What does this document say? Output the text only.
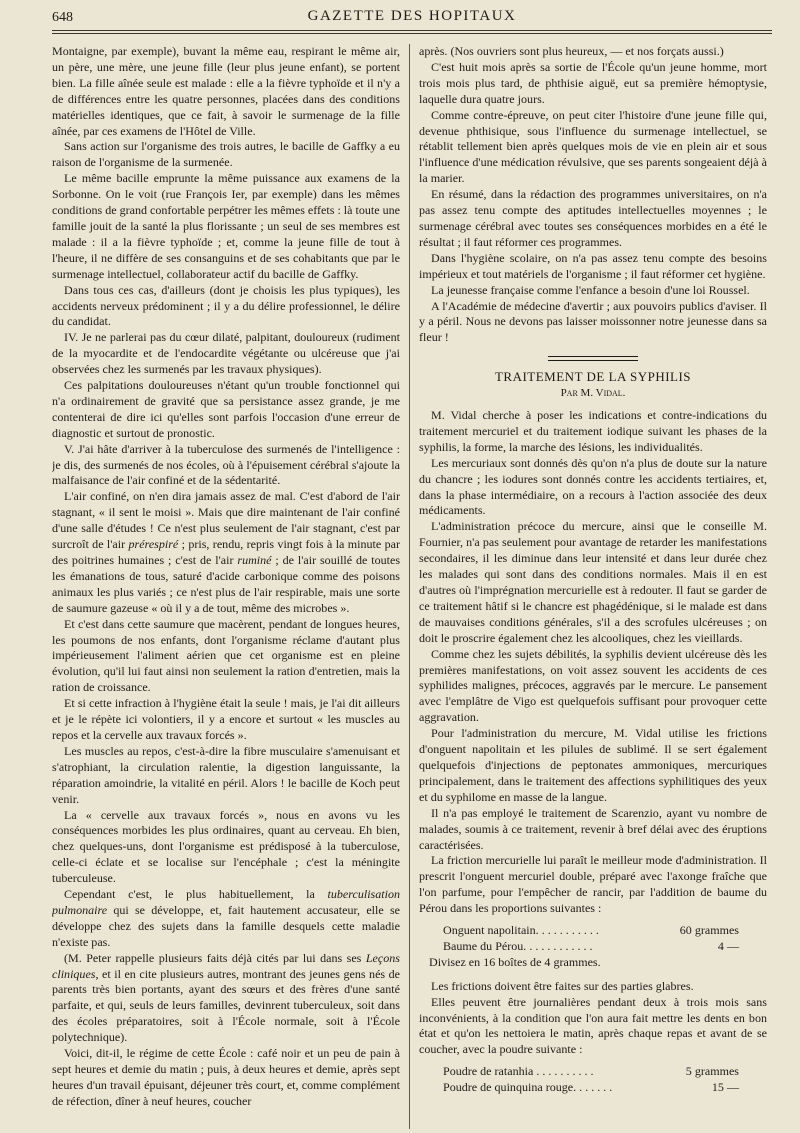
648	GAZETTE DES HOPITAUX

Montaigne, par exemple), buvant la même eau, respirant le même air, un père, une mère, une jeune fille (leur plus jeune enfant), se portent bien. La fille aînée seule est malade : elle a la fièvre typhoïde et il n'y a de différences entre les quatre personnes, placées dans des conditions matérielles identiques, que ce fait, à savoir le surmenage de la fille aînée, par ces examens de l'Hôtel de Ville.

Sans action sur l'organisme des trois autres, le bacille de Gaffky a eu raison de l'organisme de la surmenée.

Le même bacille emprunte la même puissance aux examens de la Sorbonne. On le voit (rue François Ier, par exemple) dans les mêmes conditions de grand confortable perpétrer les mêmes effets : là toute une famille jouit de la santé la plus florissante ; un seul de ses membres est malade : il a la fièvre typhoïde ; et, comme la jeune fille de tout à l'heure, il ne diffère de ses consanguins et de ses cohabitants que par le surmenage intellectuel, collaborateur actif du bacille de Gaffky.

Dans tous ces cas, d'ailleurs (dont je choisis les plus typiques), les accidents nerveux prédominent ; il y a du délire professionnel, le délire du candidat.

IV. Je ne parlerai pas du cœur dilaté, palpitant, douloureux (rudiment de la myocardite et de l'endocardite végétante ou ulcéreuse que j'ai observées chez les surmenés par les travaux physiques).

Ces palpitations douloureuses n'étant qu'un trouble fonctionnel qui n'a ordinairement de gravité que sa persistance assez grande, je me contenterai de dire ici qu'elles sont parfois l'occasion d'une erreur de diagnostic et surtout de pronostic.

V. J'ai hâte d'arriver à la tuberculose des surmenés de l'intelligence : je dis, des surmenés de nos écoles, où à l'épuisement cérébral s'ajoute la malfaisance de l'air confiné et de la sédentarité.

L'air confiné, on n'en dira jamais assez de mal. C'est d'abord de l'air stagnant, « il sent le moisi ». Mais que dire maintenant de l'air confiné d'une salle d'études ! Ce n'est plus seulement de l'air stagnant, c'est par surcroît de l'air prérespiré ; pris, rendu, repris vingt fois à la minute par des poitrines humaines ; c'est de l'air ruminé ; de l'air souillé de toutes les émanations de tous, saturé d'acide carbonique comme des poisons animaux les plus variés ; ce n'est plus de l'air respirable, mais une sorte de saumure gazeuse « où il y a de tout, même des microbes ».

Et c'est dans cette saumure que macèrent, pendant de longues heures, les poumons de nos enfants, dont l'organisme réclame d'autant plus impérieusement l'aliment aérien que cet organisme est en pleine évolution, qu'il lui faut ainsi non seulement la ration d'entretien, mais la ration de croissance.

Et si cette infraction à l'hygiène était la seule ! mais, je l'ai dit ailleurs et je le répète ici volontiers, il y a encore et surtout « les muscles au repos et la cervelle aux travaux forcés ».

Les muscles au repos, c'est-à-dire la fibre musculaire s'amenuisant et s'atrophiant, la circulation ralentie, la digestion languissante, la réparation amoindrie, la vitalité en péril. Alors ! le bacille de Koch peut venir.

La « cervelle aux travaux forcés », nous en avons vu les conséquences morbides les plus ordinaires, quant au cerveau. Eh bien, chez quelques-uns, dont l'organisme est prédisposé à la tuberculose, celle-ci éclate et se localise sur l'encéphale ; c'est la méningite tuberculeuse.

Cependant c'est, le plus habituellement, la tuberculisation pulmonaire qui se développe, et, fait hautement accusateur, elle se développe chez des sujets dans la famille desquels cette maladie n'existe pas.

(M. Peter rappelle plusieurs faits déjà cités par lui dans ses Leçons cliniques, et il en cite plusieurs autres, montrant des jeunes gens nés de parents très bien portants, ayant des sœurs et des frères d'une santé parfaite, et qui, seuls de leurs familles, devinrent tuberculeux, soit dans des écoles préparatoires, soit à l'École normale, soit à l'École polytechnique).

Voici, dit-il, le régime de cette École : café noir et un peu de pain à sept heures et demie du matin ; puis, à deux heures et demie, après sept heures d'un travail épuisant, déjeuner très court, et, comme complément de réfection, dîner à neuf heures, coucher

après. (Nos ouvriers sont plus heureux, — et nos forçats aussi.)

C'est huit mois après sa sortie de l'École qu'un jeune homme, mort trois mois plus tard, de phthisie aiguë, eut sa première hémoptysie, laquelle dura quatre jours.

Comme contre-épreuve, on peut citer l'histoire d'une jeune fille qui, devenue phthisique, sous l'influence du surmenage intellectuel, se rétablit tellement bien après quelques mois de vie en plein air et sous l'influence d'une médication révulsive, que ses parents songeaient déjà à la marier.

En résumé, dans la rédaction des programmes universitaires, on n'a pas assez tenu compte des aptitudes intellectuelles moyennes ; le surmenage cérébral avec toutes ses conséquences morbides en a été le résultat ; il faut réformer ces programmes.

Dans l'hygiène scolaire, on n'a pas assez tenu compte des besoins impérieux et tout matériels de l'organisme ; il faut réformer cet hygiène.

La jeunesse française comme l'enfance a besoin d'une loi Roussel.

A l'Académie de médecine d'avertir ; aux pouvoirs publics d'aviser. Il y a péril. Nous ne devons pas laisser moissonner notre jeunesse dans sa fleur !

TRAITEMENT DE LA SYPHILIS
Par M. Vidal.

M. Vidal cherche à poser les indications et contre-indications du traitement mercuriel et du traitement iodique suivant les phases de la syphilis, la forme, la marche des lésions, les individualités.

Les mercuriaux sont donnés dès qu'on n'a plus de doute sur la nature du chancre ; les iodures sont donnés contre les accidents tertiaires, et, dans la phase intermédiaire, on a recours à l'action associée des deux médicaments.

L'administration précoce du mercure, ainsi que le conseille M. Fournier, n'a pas seulement pour avantage de retarder les manifestations secondaires, il les diminue dans leur intensité et dans leur durée chez les malades qui sont dans des conditions normales. Mais il en est d'autres où l'imprégnation mercurielle est à redouter. Il faut se garder de ce traitement hâtif si le chancre est phagédénique, si le malade est dans de mauvaises conditions générales, s'il a des scrofules ulcéreuses ; on doit le proscrire également chez les alcooliques, chez les vieillards.

Comme chez les sujets débilités, la syphilis devient ulcéreuse dès les premières manifestations, on voit assez souvent les accidents de ces syphilides malignes, précoces, aggravés par le mercure. Le pansement avec l'emplâtre de Vigo est quelquefois suffisant pour provoquer cette aggravation.

Pour l'administration du mercure, M. Vidal utilise les frictions d'onguent napolitain et les pilules de sublimé. Il se sert également quelquefois d'injections de peptonates ammoniques, mercuriques principalement, dans le traitement des affections syphilitiques des yeux et du syphilome en masse de la langue.

Il n'a pas employé le traitement de Scarenzio, ayant vu nombre de malades, soumis à ce traitement, revenir à bref délai avec des éruptions caractérisées.

La friction mercurielle lui paraît le meilleur mode d'administration. Il prescrit l'onguent mercuriel double, préparé avec l'axonge fraîche que l'on parfume, pour l'empêcher de rancir, par l'addition de baume du Pérou dans les proportions suivantes :

Onguent napolitain. . . . . . . . . . .	60 grammes
Baume du Pérou. . . . . . . . . . . .	4 —
Divisez en 16 boîtes de 4 grammes.

Les frictions doivent être faites sur des parties glabres.

Elles peuvent être journalières pendant deux à trois mois sans inconvénients, à la condition que l'on aura fait mettre les dents en bon état et qu'on les nettoiera le matin, après chaque repas et avant de se coucher, avec la poudre suivante :

Poudre de ratanhia . . . . . . . . . .	5 grammes
Poudre de quinquina rouge. . . . . . .	15 —
